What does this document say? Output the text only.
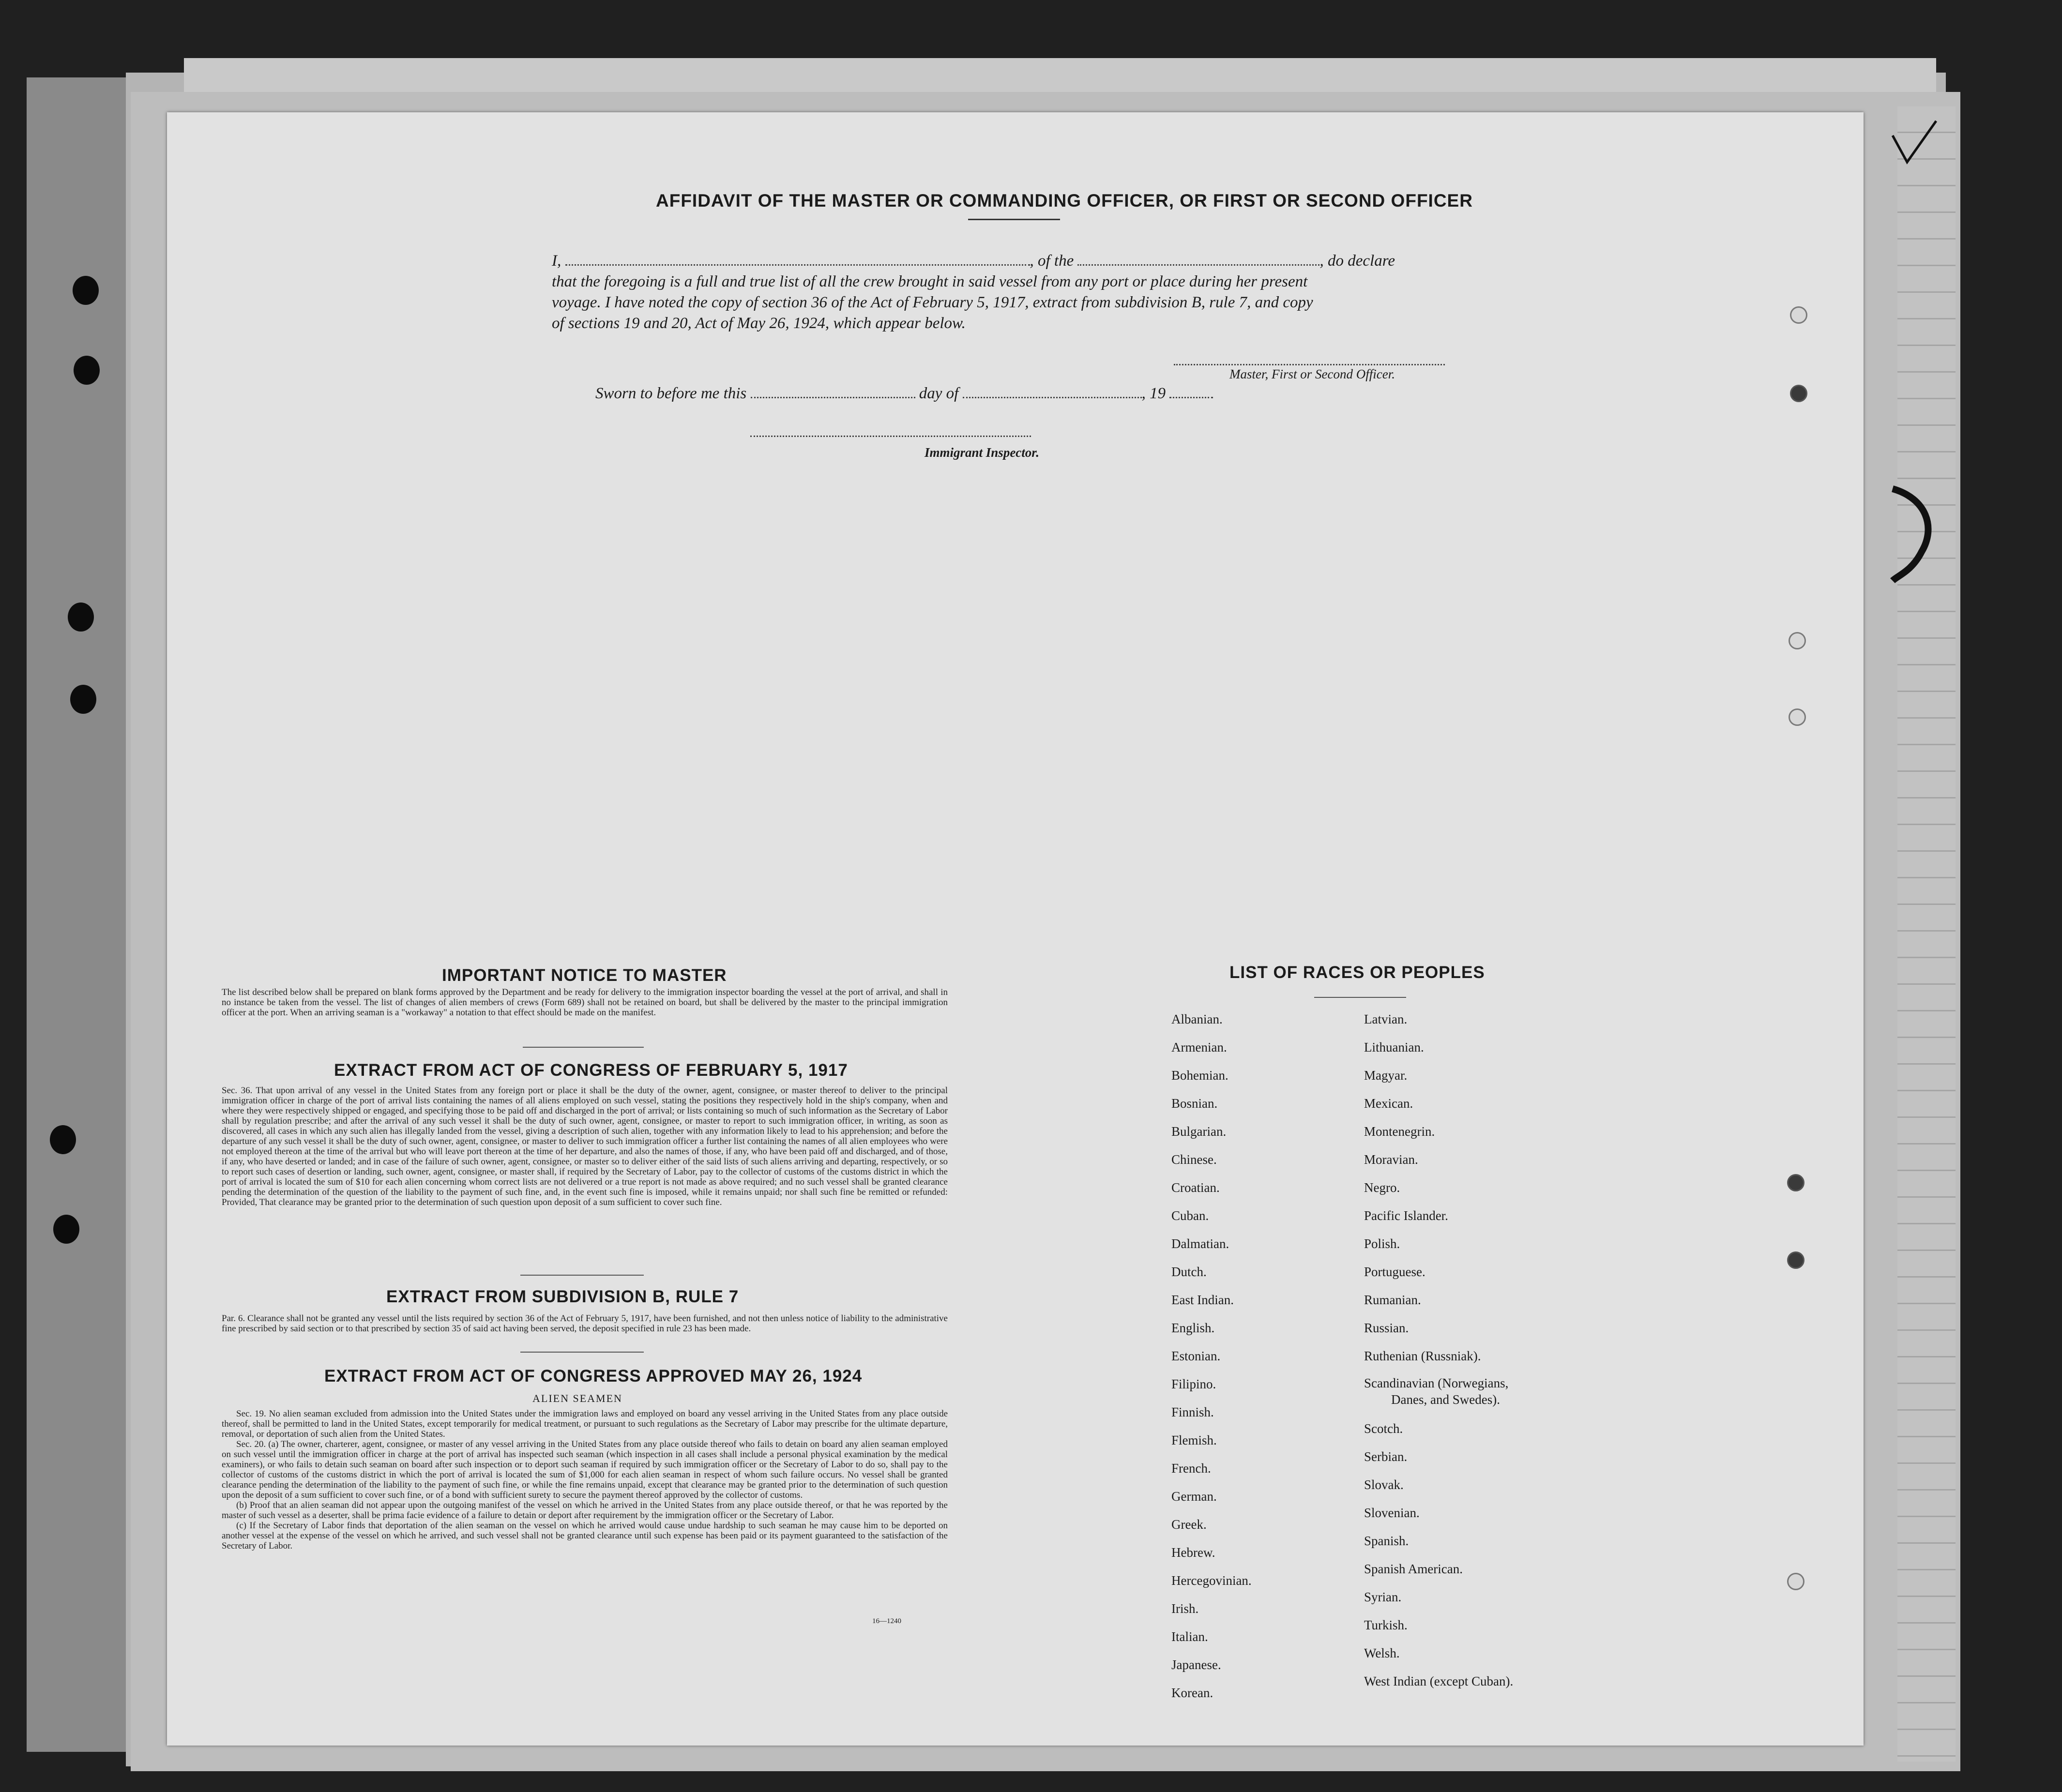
AFFIDAVIT OF THE MASTER OR COMMANDING OFFICER, OR FIRST OR SECOND OFFICER
I,	, of the	, do declare
that the foregoing is a full and true list of all the crew brought in said vessel from any port or place during her present
voyage. I have noted the copy of section 36 of the Act of February 5, 1917, extract from subdivision B, rule 7, and copy
of sections 19 and 20, Act of May 26, 1924, which appear below.
Master, First or Second Officer.
Sworn to before me this	day of	, 19
Immigrant Inspector.
IMPORTANT NOTICE TO MASTER
The list described below shall be prepared on blank forms approved by the Department and be ready for delivery to the immigration inspector boarding the vessel at the port of arrival, and shall in no instance be taken from the vessel. The list of changes of alien members of crews (Form 689) shall not be retained on board, but shall be delivered by the master to the principal immigration officer at the port. When an arriving seaman is a "workaway" a notation to that effect should be made on the manifest.
EXTRACT FROM ACT OF CONGRESS OF FEBRUARY 5, 1917
Sec. 36. That upon arrival of any vessel in the United States from any foreign port or place it shall be the duty of the owner, agent, consignee, or master thereof to deliver to the principal immigration officer in charge of the port of arrival lists containing the names of all aliens employed on such vessel, stating the positions they respectively hold in the ship's company, when and where they were respectively shipped or engaged, and specifying those to be paid off and discharged in the port of arrival; or lists containing so much of such information as the Secretary of Labor shall by regulation prescribe; and after the arrival of any such vessel it shall be the duty of such owner, agent, consignee, or master to report to such immigration officer, in writing, as soon as discovered, all cases in which any such alien has illegally landed from the vessel, giving a description of such alien, together with any information likely to lead to his apprehension; and before the departure of any such vessel it shall be the duty of such owner, agent, consignee, or master to deliver to such immigration officer a further list containing the names of all alien employees who were not employed thereon at the time of the arrival but who will leave port thereon at the time of her departure, and also the names of those, if any, who have been paid off and discharged, and of those, if any, who have deserted or landed; and in case of the failure of such owner, agent, consignee, or master so to deliver either of the said lists of such aliens arriving and departing, respectively, or so to report such cases of desertion or landing, such owner, agent, consignee, or master shall, if required by the Secretary of Labor, pay to the collector of customs of the customs district in which the port of arrival is located the sum of $10 for each alien concerning whom correct lists are not delivered or a true report is not made as above required; and no such vessel shall be granted clearance pending the determination of the question of the liability to the payment of such fine, and, in the event such fine is imposed, while it remains unpaid; nor shall such fine be remitted or refunded: Provided, That clearance may be granted prior to the determination of such question upon deposit of a sum sufficient to cover such fine.
EXTRACT FROM SUBDIVISION B, RULE 7
Par. 6. Clearance shall not be granted any vessel until the lists required by section 36 of the Act of February 5, 1917, have been furnished, and not then unless notice of liability to the administrative fine prescribed by said section or to that prescribed by section 35 of said act having been served, the deposit specified in rule 23 has been made.
EXTRACT FROM ACT OF CONGRESS APPROVED MAY 26, 1924
ALIEN SEAMEN
Sec. 19. No alien seaman excluded from admission into the United States under the immigration laws and employed on board any vessel arriving in the United States from any place outside thereof, shall be permitted to land in the United States, except temporarily for medical treatment, or pursuant to such regulations as the Secretary of Labor may prescribe for the ultimate departure, removal, or deportation of such alien from the United States.
Sec. 20. (a) The owner, charterer, agent, consignee, or master of any vessel arriving in the United States from any place outside thereof who fails to detain on board any alien seaman employed on such vessel until the immigration officer in charge at the port of arrival has inspected such seaman (which inspection in all cases shall include a personal physical examination by the medical examiners), or who fails to detain such seaman on board after such inspection or to deport such seaman if required by such immigration officer or the Secretary of Labor to do so, shall pay to the collector of customs of the customs district in which the port of arrival is located the sum of $1,000 for each alien seaman in respect of whom such failure occurs. No vessel shall be granted clearance pending the determination of the liability to the payment of such fine, or while the fine remains unpaid, except that clearance may be granted prior to the determination of such question upon the deposit of a sum sufficient to cover such fine, or of a bond with sufficient surety to secure the payment thereof approved by the collector of customs.
(b) Proof that an alien seaman did not appear upon the outgoing manifest of the vessel on which he arrived in the United States from any place outside thereof, or that he was reported by the master of such vessel as a deserter, shall be prima facie evidence of a failure to detain or deport after requirement by the immigration officer or the Secretary of Labor.
(c) If the Secretary of Labor finds that deportation of the alien seaman on the vessel on which he arrived would cause undue hardship to such seaman he may cause him to be deported on another vessel at the expense of the vessel on which he arrived, and such vessel shall not be granted clearance until such expense has been paid or its payment guaranteed to the satisfaction of the Secretary of Labor.
16—1240
LIST OF RACES OR PEOPLES
Albanian.
Armenian.
Bohemian.
Bosnian.
Bulgarian.
Chinese.
Croatian.
Cuban.
Dalmatian.
Dutch.
East Indian.
English.
Estonian.
Filipino.
Finnish.
Flemish.
French.
German.
Greek.
Hebrew.
Hercegovinian.
Irish.
Italian.
Japanese.
Korean.
Latvian.
Lithuanian.
Magyar.
Mexican.
Montenegrin.
Moravian.
Negro.
Pacific Islander.
Polish.
Portuguese.
Rumanian.
Russian.
Ruthenian (Russniak).
Scandinavian (Norwegians,
Danes, and Swedes).
Scotch.
Serbian.
Slovak.
Slovenian.
Spanish.
Spanish American.
Syrian.
Turkish.
Welsh.
West Indian (except Cuban).
